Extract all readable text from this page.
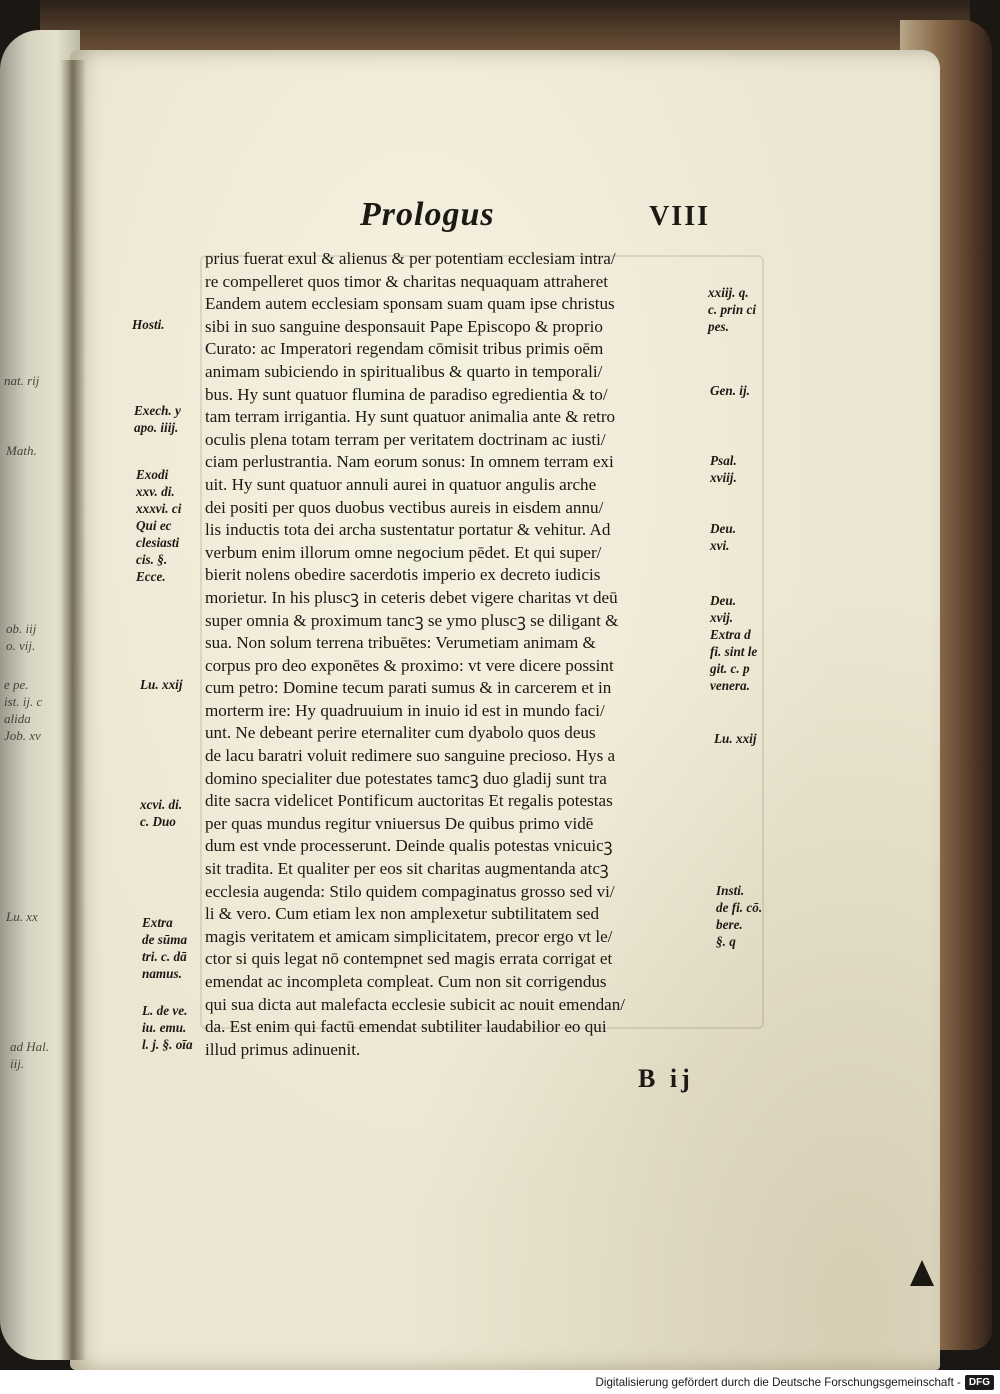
nat. rij
Math.
ob. iij
o. vij.
e pe.
ist. ij. c
alida
Job. xv
Lu. xx
ad Hal.
iij.
Prologus	VIII
prius fuerat exul & alienus & per potentiam ecclesiam intra/
re compelleret quos timor & charitas nequaquam attraheret
Eandem autem ecclesiam sponsam suam quam ipse christus
sibi in suo sanguine desponsauit Pape Episcopo & proprio
Curato: ac Imperatori regendam cōmisit tribus primis oēm
animam subiciendo in spiritualibus & quarto in temporali/
bus. Hy sunt quatuor flumina de paradiso egredientia & to/
tam terram irrigantia. Hy sunt quatuor animalia ante & retro
oculis plena totam terram per veritatem doctrinam ac iusti/
ciam perlustrantia. Nam eorum sonus: In omnem terram exi
uit. Hy sunt quatuor annuli aurei in quatuor angulis arche
dei positi per quos duobus vectibus aureis in eisdem annu/
lis inductis tota dei archa sustentatur portatur & vehitur. Ad
verbum enim illorum omne negocium pēdet. Et qui super/
bierit nolens obedire sacerdotis imperio ex decreto iudicis
morietur. In his pluscꝫ in ceteris debet vigere charitas vt deū
super omnia & proximum tancꝫ se ymo pluscꝫ se diligant &
sua. Non solum terrena tribuētes: Verumetiam animam &
corpus pro deo exponētes & proximo: vt vere dicere possint
cum petro: Domine tecum parati sumus & in carcerem et in
morterm ire: Hy quadruuium in inuio id est in mundo faci/
unt. Ne debeant perire eternaliter cum dyabolo quos deus
de lacu baratri voluit redimere suo sanguine precioso. Hys a
domino specialiter due potestates tamcꝫ duo gladij sunt tra
dite sacra videlicet Pontificum auctoritas Et regalis potestas
per quas mundus regitur vniuersus De quibus primo vidē
dum est vnde processerunt. Deinde qualis potestas vnicuicꝫ
sit tradita. Et qualiter per eos sit charitas augmentanda atcꝫ
ecclesia augenda: Stilo quidem compaginatus grosso sed vi/
li & vero. Cum etiam lex non amplexetur subtilitatem sed
magis veritatem et amicam simplicitatem, precor ergo vt le/
ctor si quis legat nō contempnet sed magis errata corrigat et
emendat ac incompleta compleat. Cum non sit corrigendus
qui sua dicta aut malefacta ecclesie subicit ac nouit emendan/
da. Est enim qui factū emendat subtiliter laudabilior eo qui
illud primus adinuenit.
Hosti.
Exech. y
apo. iiij.
Exodi
xxv. di.
xxxvi. ci
Qui ec
clesiasti
cis. §.
Ecce.
Lu. xxij
xcvi. di.
c. Duo
Extra
de sūma
tri. c. dā
namus.
L. de ve.
iu. emu.
l. j. §. oīa
xxiij. q.
c. prin ci
pes.
Gen. ij.
Psal.
xviij.
Deu.
xvi.
Deu.
xvij.
Extra d
fi. sint le
git. c. p
venera.
Lu. xxij
Insti.
de fi. cō.
bere.
§. q
B ij
Digitalisierung gefördert durch die Deutsche Forschungsgemeinschaft - DFG
